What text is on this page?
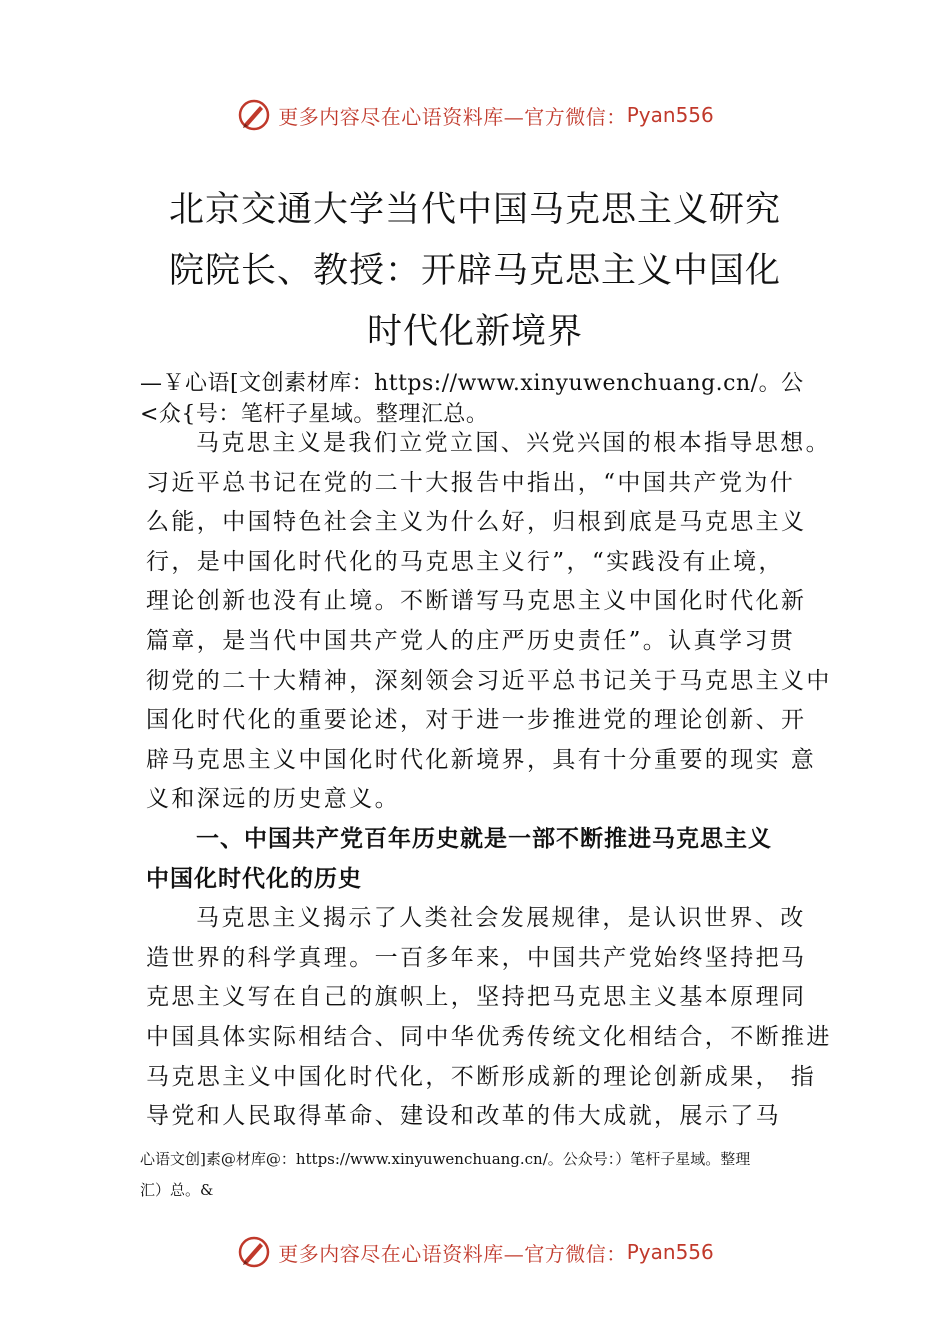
更多内容尽在心语资料库—官方微信： Pyan556
北京交通大学当代中国马克思主义研究
院院长、教授：开辟马克思主义中国化
时代化新境界
—￥心语[文创素材库：https://www.xinyuwenchuang.cn/。公
<众{号：笔杆子星域。整理汇总。
马克思主义是我们立党立国、兴党兴国的根本指导思想。
习近平总书记在党的二十大报告中指出，“中国共产党为什
么能，中国特色社会主义为什么好，归根到底是马克思主义
行，是中国化时代化的马克思主义行”，“实践没有止境，
理论创新也没有止境。不断谱写马克思主义中国化时代化新
篇章，是当代中国共产党人的庄严历史责任”。认真学习贯
彻党的二十大精神，深刻领会习近平总书记关于马克思主义中
国化时代化的重要论述，对于进一步推进党的理论创新、开
辟马克思主义中国化时代化新境界，具有十分重要的现实 意
义和深远的历史意义。
一、中国共产党百年历史就是一部不断推进马克思主义
中国化时代化的历史
马克思主义揭示了人类社会发展规律，是认识世界、改
造世界的科学真理。一百多年来，中国共产党始终坚持把马
克思主义写在自己的旗帜上，坚持把马克思主义基本原理同
中国具体实际相结合、同中华优秀传统文化相结合，不断推进
马克思主义中国化时代化，不断形成新的理论创新成果， 指
导党和人民取得革命、建设和改革的伟大成就，展示了马
心语文创]素@材库@：https://www.xinyuwenchuang.cn/。公众号：）笔杆子星域。整理
汇）总。&
更多内容尽在心语资料库—官方微信： Pyan556
